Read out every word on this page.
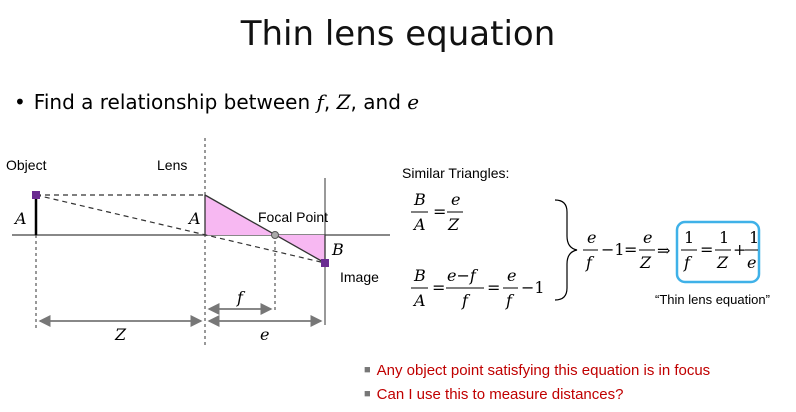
Thin lens equation
• Find a relationship between f, Z, and e
Object	Lens
Focal Point
Image
A	A
B
f
Z	e
Similar Triangles:
B
A
=
e
Z
B
A
=
e−f
f
=
e
f
−1
e
f
−1 =
e
Z
⇒
1
f
=
1
Z
+
1
e
“Thin lens equation”
■ Any object point satisfying this equation is in focus
■ Can I use this to measure distances?
